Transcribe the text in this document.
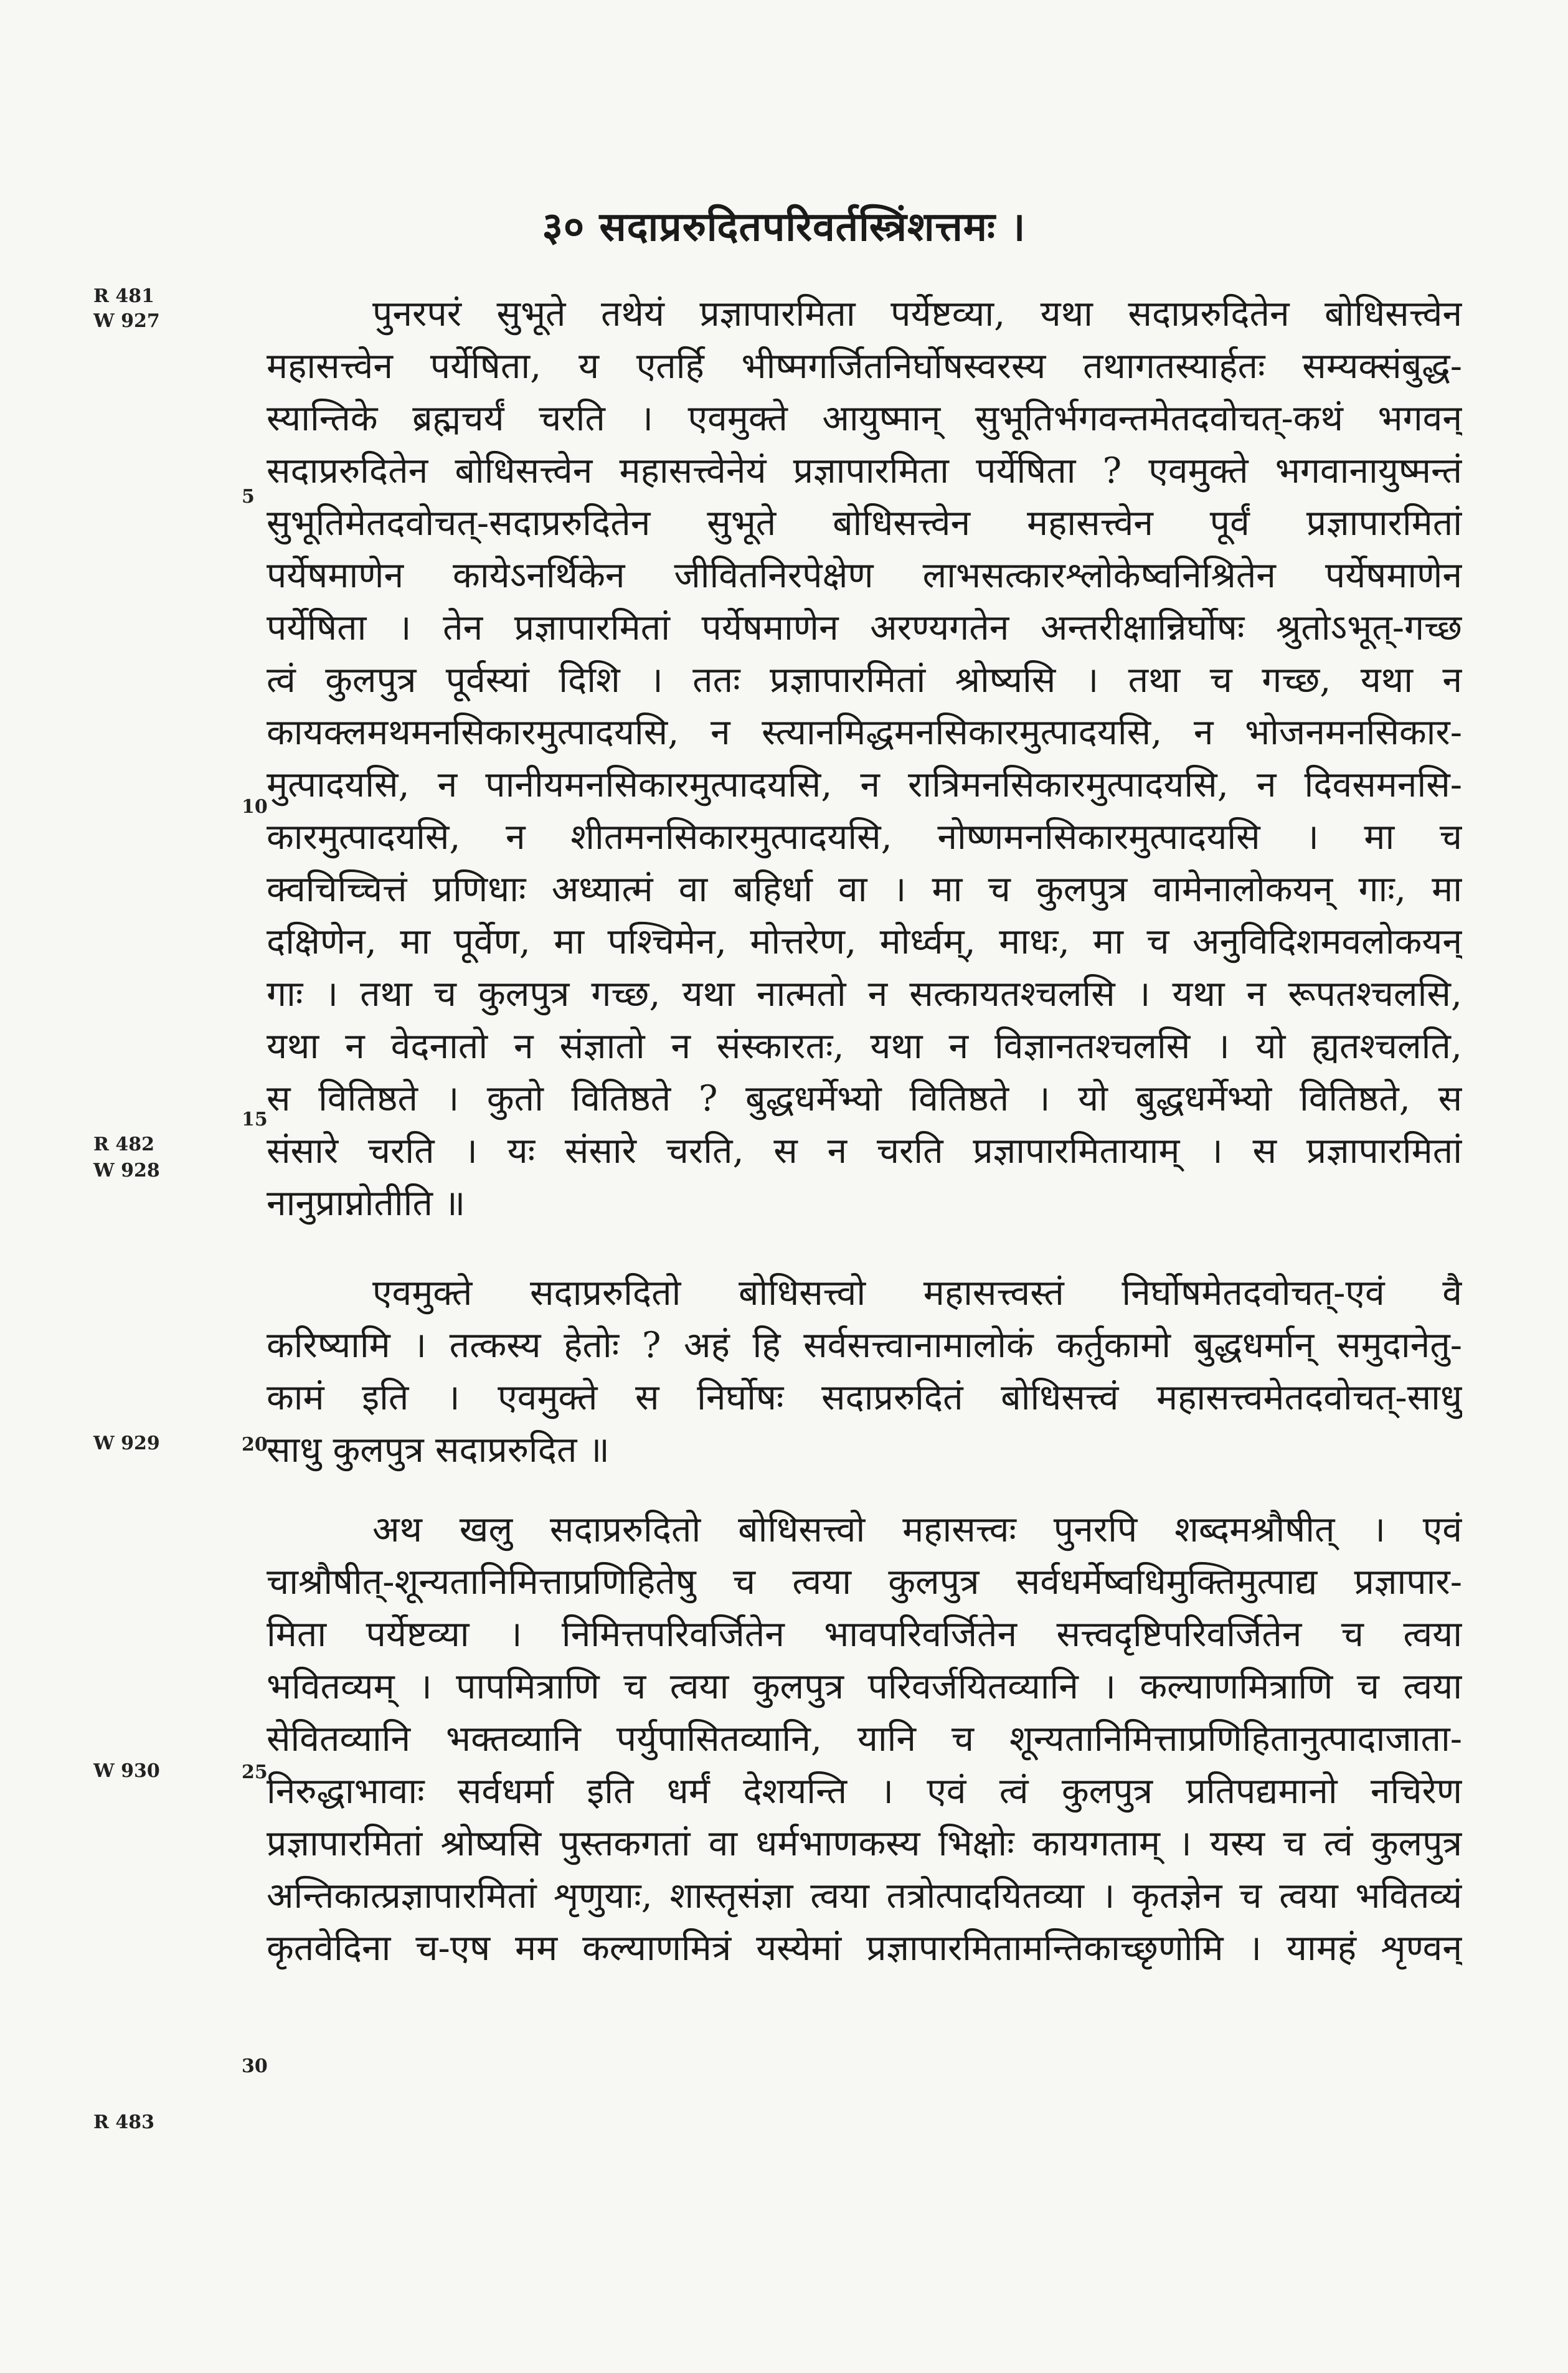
३० सदाप्ररुदितपरिवर्तस्त्रिंशत्तमः ।
R 481
W 927
R 482
W 928
W 929
W 930
R 483
5
10
15
20
25
30
पुनरपरं सुभूते तथेयं प्रज्ञापारमिता पर्येष्टव्या, यथा सदाप्ररुदितेन बोधिसत्त्वेन
महासत्त्वेन पर्येषिता, य एतर्हि भीष्मगर्जितनिर्घोषस्वरस्य तथागतस्यार्हतः सम्यक्संबुद्ध-
स्यान्तिके ब्रह्मचर्यं चरति । एवमुक्ते आयुष्मान् सुभूतिर्भगवन्तमेतदवोचत्-कथं भगवन्
सदाप्ररुदितेन बोधिसत्त्वेन महासत्त्वेनेयं प्रज्ञापारमिता पर्येषिता ? एवमुक्ते भगवानायुष्मन्तं
सुभूतिमेतदवोचत्-सदाप्ररुदितेन सुभूते बोधिसत्त्वेन महासत्त्वेन पूर्वं प्रज्ञापारमितां
पर्येषमाणेन कायेऽनर्थिकेन जीवितनिरपेक्षेण लाभसत्कारश्लोकेष्वनिश्रितेन पर्येषमाणेन
पर्येषिता । तेन प्रज्ञापारमितां पर्येषमाणेन अरण्यगतेन अन्तरीक्षान्निर्घोषः श्रुतोऽभूत्-गच्छ
त्वं कुलपुत्र पूर्वस्यां दिशि । ततः प्रज्ञापारमितां श्रोष्यसि । तथा च गच्छ, यथा न
कायक्लमथमनसिकारमुत्पादयसि, न स्त्यानमिद्धमनसिकारमुत्पादयसि, न भोजनमनसिकार-
मुत्पादयसि, न पानीयमनसिकारमुत्पादयसि, न रात्रिमनसिकारमुत्पादयसि, न दिवसमनसि-
कारमुत्पादयसि, न शीतमनसिकारमुत्पादयसि, नोष्णमनसिकारमुत्पादयसि । मा च
क्वचिच्चित्तं प्रणिधाः अध्यात्मं वा बहिर्धा वा । मा च कुलपुत्र वामेनालोकयन् गाः, मा
दक्षिणेन, मा पूर्वेण, मा पश्चिमेन, मोत्तरेण, मोर्ध्वम्, माधः, मा च अनुविदिशमवलोकयन्
गाः । तथा च कुलपुत्र गच्छ, यथा नात्मतो न सत्कायतश्चलसि । यथा न रूपतश्चलसि,
यथा न वेदनातो न संज्ञातो न संस्कारतः, यथा न विज्ञानतश्चलसि । यो ह्यतश्चलति,
स वितिष्ठते । कुतो वितिष्ठते ? बुद्धधर्मेभ्यो वितिष्ठते । यो बुद्धधर्मेभ्यो वितिष्ठते, स
संसारे चरति । यः संसारे चरति, स न चरति प्रज्ञापारमितायाम् । स प्रज्ञापारमितां
नानुप्राप्नोतीति ॥
एवमुक्ते सदाप्ररुदितो बोधिसत्त्वो महासत्त्वस्तं निर्घोषमेतदवोचत्-एवं वै
करिष्यामि । तत्कस्य हेतोः ? अहं हि सर्वसत्त्वानामालोकं कर्तुकामो बुद्धधर्मान् समुदानेतु-
कामं इति । एवमुक्ते स निर्घोषः सदाप्ररुदितं बोधिसत्त्वं महासत्त्वमेतदवोचत्-साधु
साधु कुलपुत्र सदाप्ररुदित ॥
अथ खलु सदाप्ररुदितो बोधिसत्त्वो महासत्त्वः पुनरपि शब्दमश्रौषीत् । एवं
चाश्रौषीत्-शून्यतानिमित्ताप्रणिहितेषु च त्वया कुलपुत्र सर्वधर्मेष्वधिमुक्तिमुत्पाद्य प्रज्ञापार-
मिता पर्येष्टव्या । निमित्तपरिवर्जितेन भावपरिवर्जितेन सत्त्वदृष्टिपरिवर्जितेन च त्वया
भवितव्यम् । पापमित्राणि च त्वया कुलपुत्र परिवर्जयितव्यानि । कल्याणमित्राणि च त्वया
सेवितव्यानि भक्तव्यानि पर्युपासितव्यानि, यानि च शून्यतानिमित्ताप्रणिहितानुत्पादाजाता-
निरुद्धाभावाः सर्वधर्मा इति धर्मं देशयन्ति । एवं त्वं कुलपुत्र प्रतिपद्यमानो नचिरेण
प्रज्ञापारमितां श्रोष्यसि पुस्तकगतां वा धर्मभाणकस्य भिक्षोः कायगताम् । यस्य च त्वं कुलपुत्र
अन्तिकात्प्रज्ञापारमितां शृणुयाः, शास्तृसंज्ञा त्वया तत्रोत्पादयितव्या । कृतज्ञेन च त्वया भवितव्यं
कृतवेदिना च-एष मम कल्याणमित्रं यस्येमां प्रज्ञापारमितामन्तिकाच्छृणोमि । यामहं शृण्वन्
